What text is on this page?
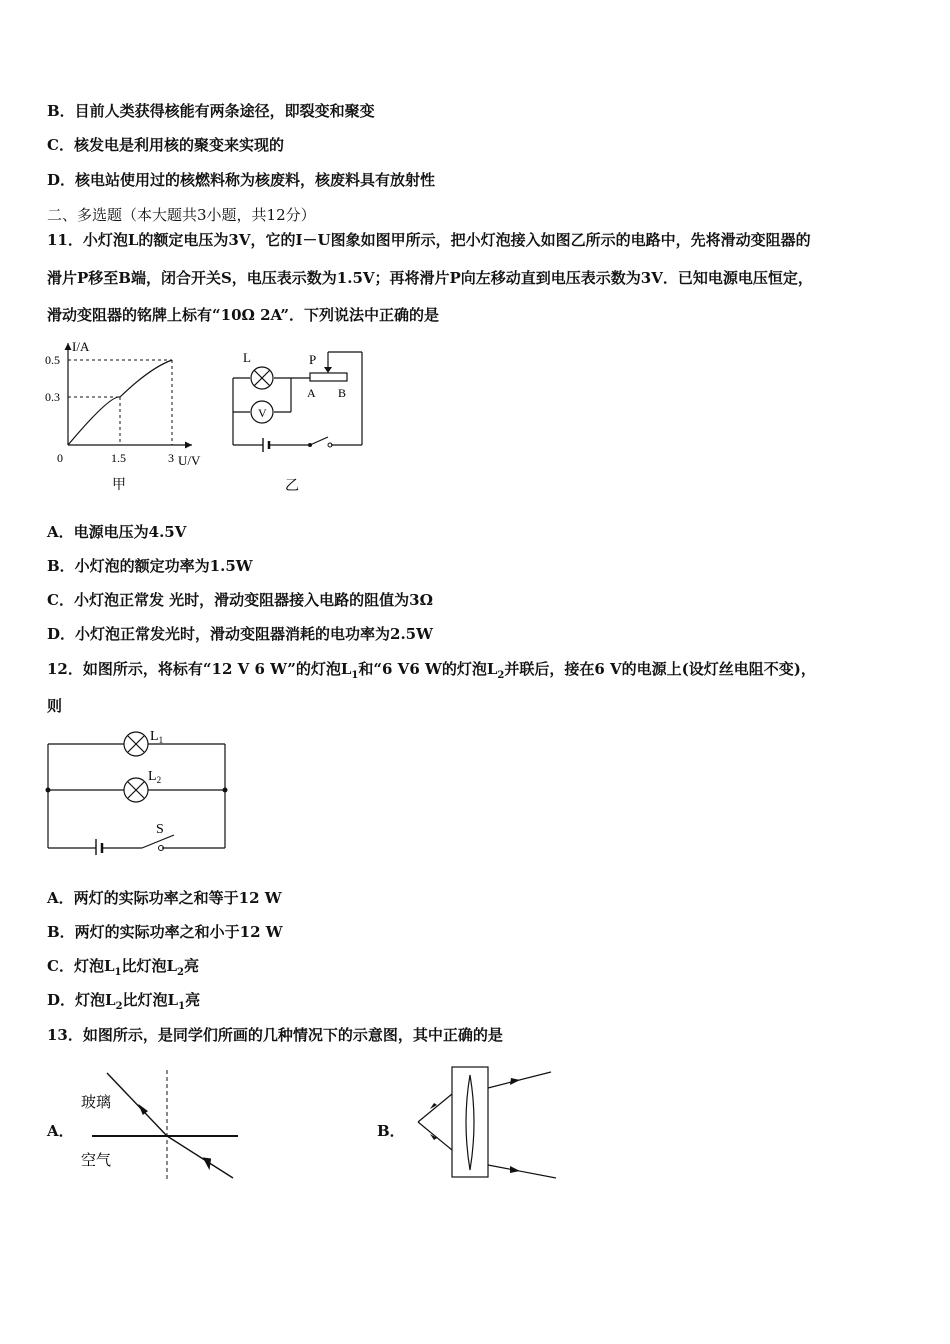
B．目前人类获得核能有两条途径，即裂变和聚变
C．核发电是利用核的聚变来实现的
D．核电站使用过的核燃料称为核废料，核废料具有放射性
二、多选题（本大题共3小题，共12分）
11．小灯泡L的额定电压为3V，它的I－U图象如图甲所示，把小灯泡接入如图乙所示的电路中，先将滑动变阻器的
滑片P移至B端，闭合开关S，电压表示数为1.5V；再将滑片P向左移动直到电压表示数为3V．已知电源电压恒定，
滑动变阻器的铭牌上标有“10Ω 2A”．下列说法中正确的是
I/A
0.5
0.3
0	1.5	3 U/V
甲
L
V
P
A B
乙
A．电源电压为4.5V
B．小灯泡的额定功率为1.5W
C．小灯泡正常发 光时，滑动变阻器接入电路的阻值为3Ω
D．小灯泡正常发光时，滑动变阻器消耗的电功率为2.5W
12．如图所示，将标有“12 V 6 W”的灯泡$L_1$和“6 V6 W的灯泡$L_2$并联后，接在6 V的电源上(设灯丝电阻不变)，
则
$L_1$
$L_2$
S
A．两灯的实际功率之和等于12 W
B．两灯的实际功率之和小于12 W
C．灯泡$L_1$比灯泡$L_2$亮
D．灯泡$L_2$比灯泡$L_1$亮
13．如图所示，是同学们所画的几种情况下的示意图，其中正确的是
A．
玻璃
空气
B．
